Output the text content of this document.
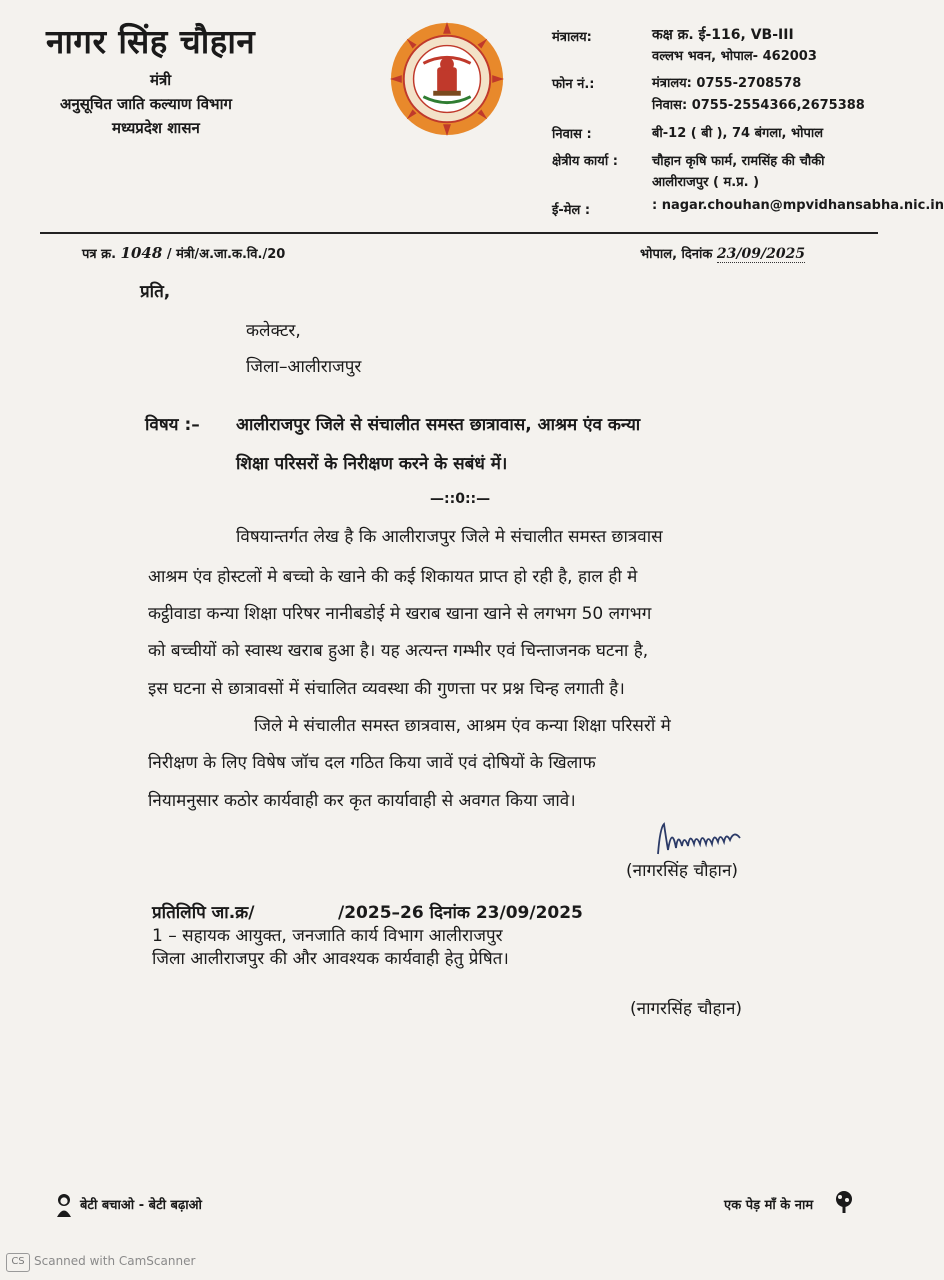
नागर सिंह चौहान
मंत्री
अनुसूचित जाति कल्याण विभाग
मध्यप्रदेश शासन
मंत्रालय:	कक्ष क्र. ई-116, VB-III
वल्लभ भवन, भोपाल- 462003
फोन नं.:	मंत्रालय: 0755-2708578
निवास: 0755-2554366,2675388
निवास :	बी-12 ( बी ), 74 बंगला, भोपाल
क्षेत्रीय कार्या :	चौहान कृषि फार्म, रामसिंह की चौकी
आलीराजपुर ( म.प्र. )
ई-मेल :	: nagar.chouhan@mpvidhansabha.nic.in
पत्र क्र. 1048 / मंत्री/अ.जा.क.वि./20	भोपाल, दिनांक 23/09/2025
प्रति,
कलेक्टर,
जिला–आलीराजपुर
विषय :– आलीराजपुर जिले से संचालीत समस्त छात्रावास, आश्रम एंव कन्या
शिक्षा परिसरों के निरीक्षण करने के सबंधं में।
—::0::—
विषयान्तर्गत लेख है कि आलीराजपुर जिले मे संचालीत समस्त छात्रवास
आश्रम एंव होस्टलों मे बच्चो के खाने की कई शिकायत प्राप्त हो रही है, हाल ही मे
कट्ठीवाडा कन्या शिक्षा परिषर नानीबडोई मे खराब खाना खाने से लगभग 50 लगभग
को बच्चीयों को स्वास्थ खराब हुआ है। यह अत्यन्त गम्भीर एवं चिन्ताजनक घटना है,
इस घटना से छात्रावसों में संचालित व्यवस्था की गुणत्ता पर प्रश्न चिन्ह लगाती है।
जिले मे संचालीत समस्त छात्रवास, आश्रम एंव कन्या शिक्षा परिसरों मे
निरीक्षण के लिए विषेष जॉच दल गठित किया जावें एवं दोषियों के खिलाफ
नियामनुसार कठोर कार्यवाही कर कृत कार्यावाही से अवगत किया जावे।
(नागरसिंह चौहान)
प्रतिलिपि जा.क्र/	/2025–26 दिनांक 23/09/2025
1 – सहायक आयुक्त, जनजाति कार्य विभाग आलीराजपुर
जिला आलीराजपुर की और आवश्यक कार्यवाही हेतु प्रेषित।
(नागरसिंह चौहान)
बेटी बचाओ - बेटी बढ़ाओ	एक पेड़ माँ के नाम
CS Scanned with CamScanner
